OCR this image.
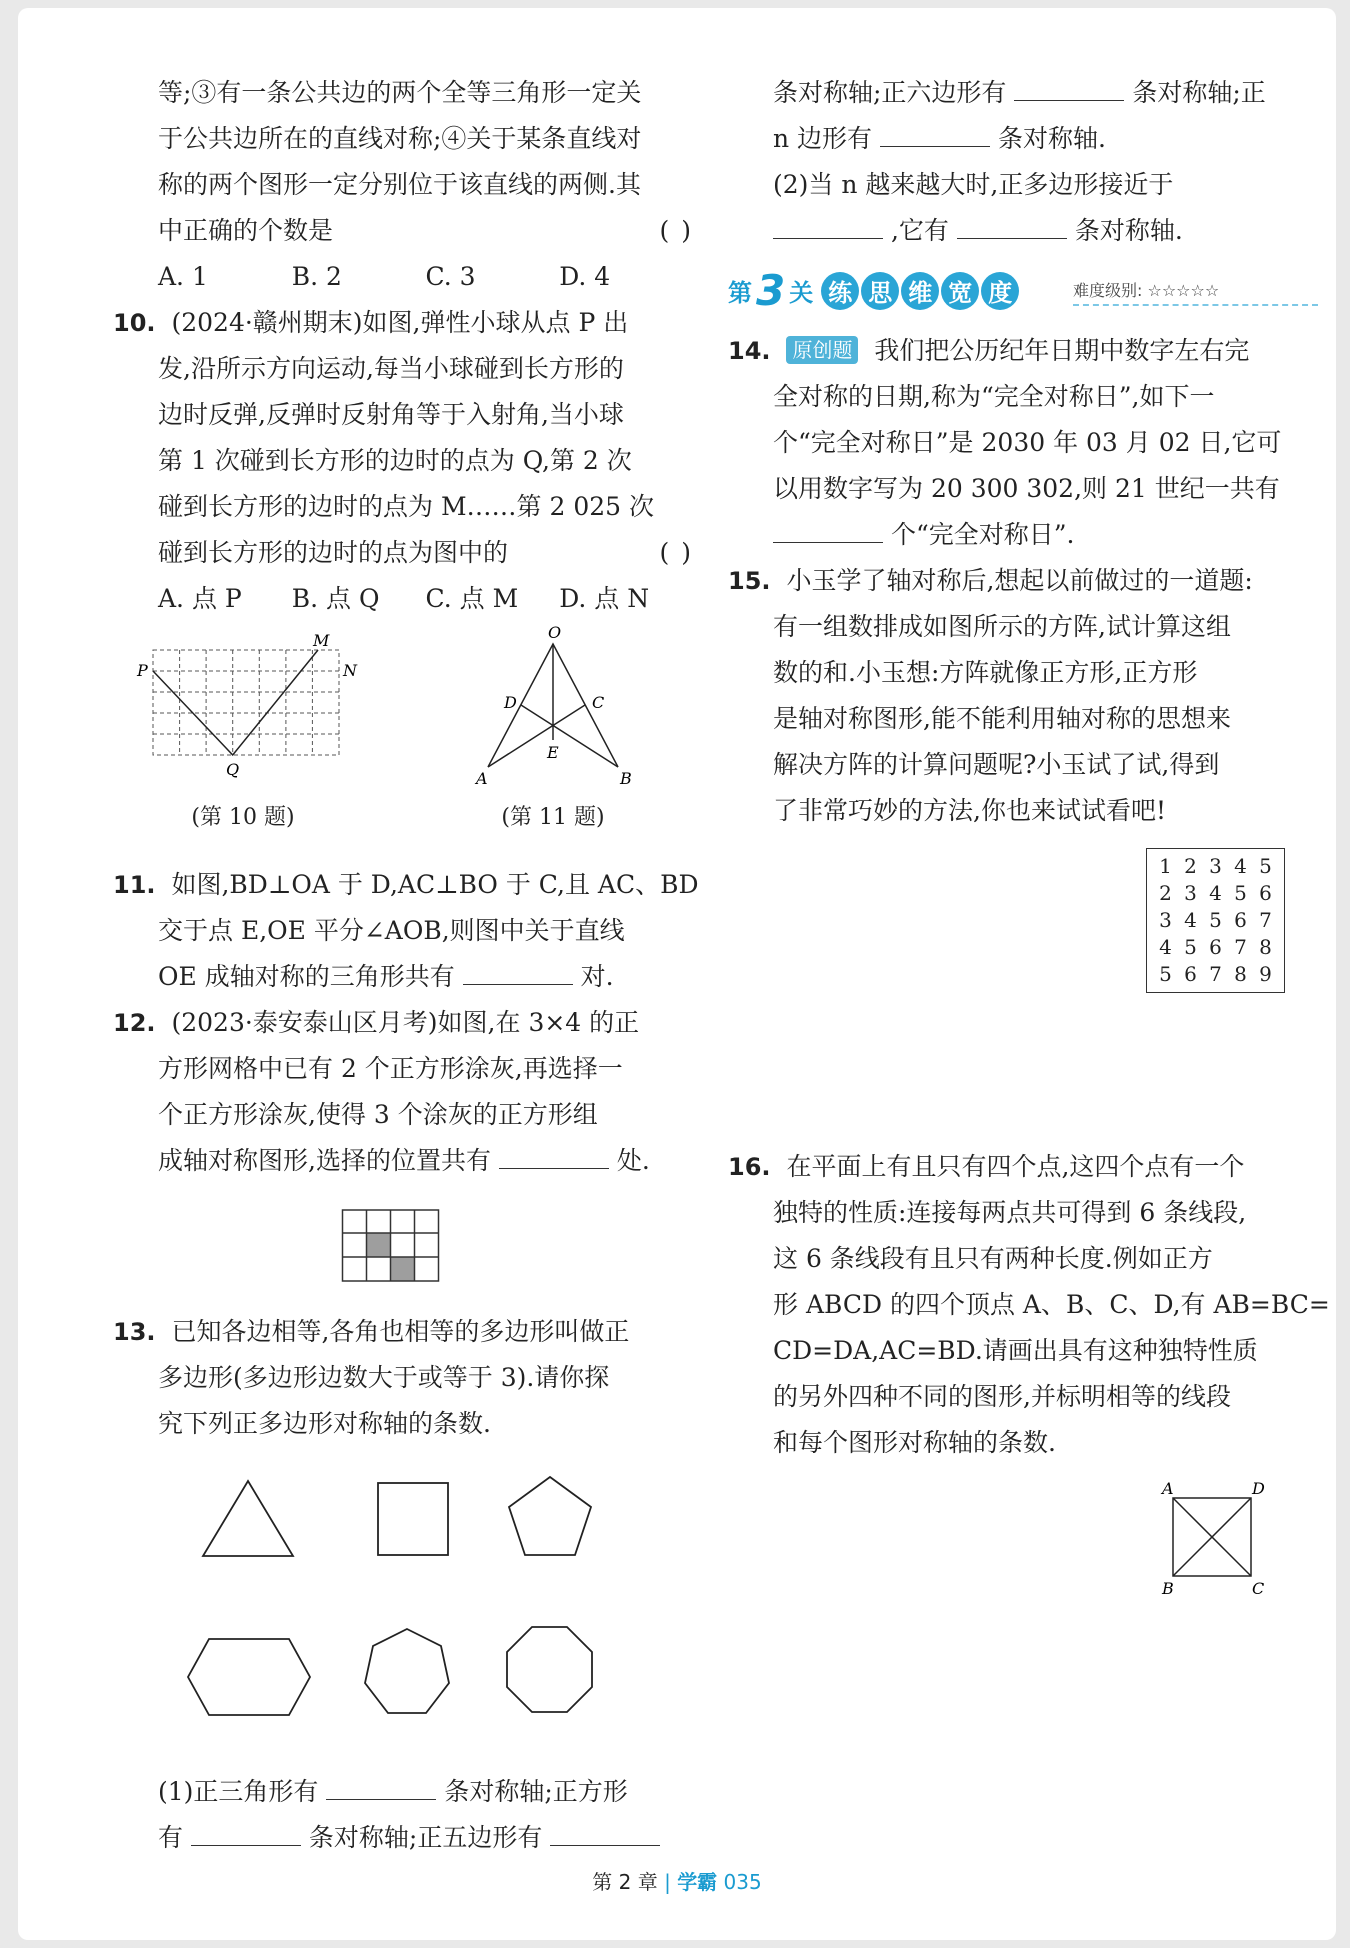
等;③有一条公共边的两个全等三角形一定关
于公共边所在的直线对称;④关于某条直线对
称的两个图形一定分别位于该直线的两侧.其
中正确的个数是	( )
A. 1	B. 2	C. 3	D. 4
10. (2024·赣州期末)如图,弹性小球从点 P 出
发,沿所示方向运动,每当小球碰到长方形的
边时反弹,反弹时反射角等于入射角,当小球
第 1 次碰到长方形的边时的点为 Q,第 2 次
碰到长方形的边时的点为 M……第 2 025 次
碰到长方形的边时的点为图中的	( )
A. 点 P	B. 点 Q	C. 点 M	D. 点 N
P
Q
M
N
(第 10 题)
O
D	C
E
A	B
(第 11 题)
11. 如图,BD⊥OA 于 D,AC⊥BO 于 C,且 AC、BD
交于点 E,OE 平分∠AOB,则图中关于直线
OE 成轴对称的三角形共有	对.
12. (2023·泰安泰山区月考)如图,在 3×4 的正
方形网格中已有 2 个正方形涂灰,再选择一
个正方形涂灰,使得 3 个涂灰的正方形组
成轴对称图形,选择的位置共有	处.
13. 已知各边相等,各角也相等的多边形叫做正
多边形(多边形边数大于或等于 3).请你探
究下列正多边形对称轴的条数.
(1)正三角形有	条对称轴;正方形
有	条对称轴;正五边形有
条对称轴;正六边形有	条对称轴;正
n 边形有	条对称轴.
(2)当 n 越来越大时,正多边形接近于
,它有	条对称轴.
第 3 关 练 思 维 宽 度	难度级别: ☆☆☆☆☆
14. 原创题 我们把公历纪年日期中数字左右完
全对称的日期,称为“完全对称日”,如下一
个“完全对称日”是 2030 年 03 月 02 日,它可
以用数字写为 20 300 302,则 21 世纪一共有
个“完全对称日”.
15. 小玉学了轴对称后,想起以前做过的一道题:
有一组数排成如图所示的方阵,试计算这组
数的和.小玉想:方阵就像正方形,正方形
是轴对称图形,能不能利用轴对称的思想来
解决方阵的计算问题呢?小玉试了试,得到
了非常巧妙的方法,你也来试试看吧!
1 2 3 4 5
2 3 4 5 6
3 4 5 6 7
4 5 6 7 8
5 6 7 8 9
16. 在平面上有且只有四个点,这四个点有一个
独特的性质:连接每两点共可得到 6 条线段,
这 6 条线段有且只有两种长度.例如正方
形 ABCD 的四个顶点 A、B、C、D,有 AB=BC=
CD=DA,AC=BD.请画出具有这种独特性质
的另外四种不同的图形,并标明相等的线段
和每个图形对称轴的条数.
A	D
B	C
第 2 章 | 学霸 035
